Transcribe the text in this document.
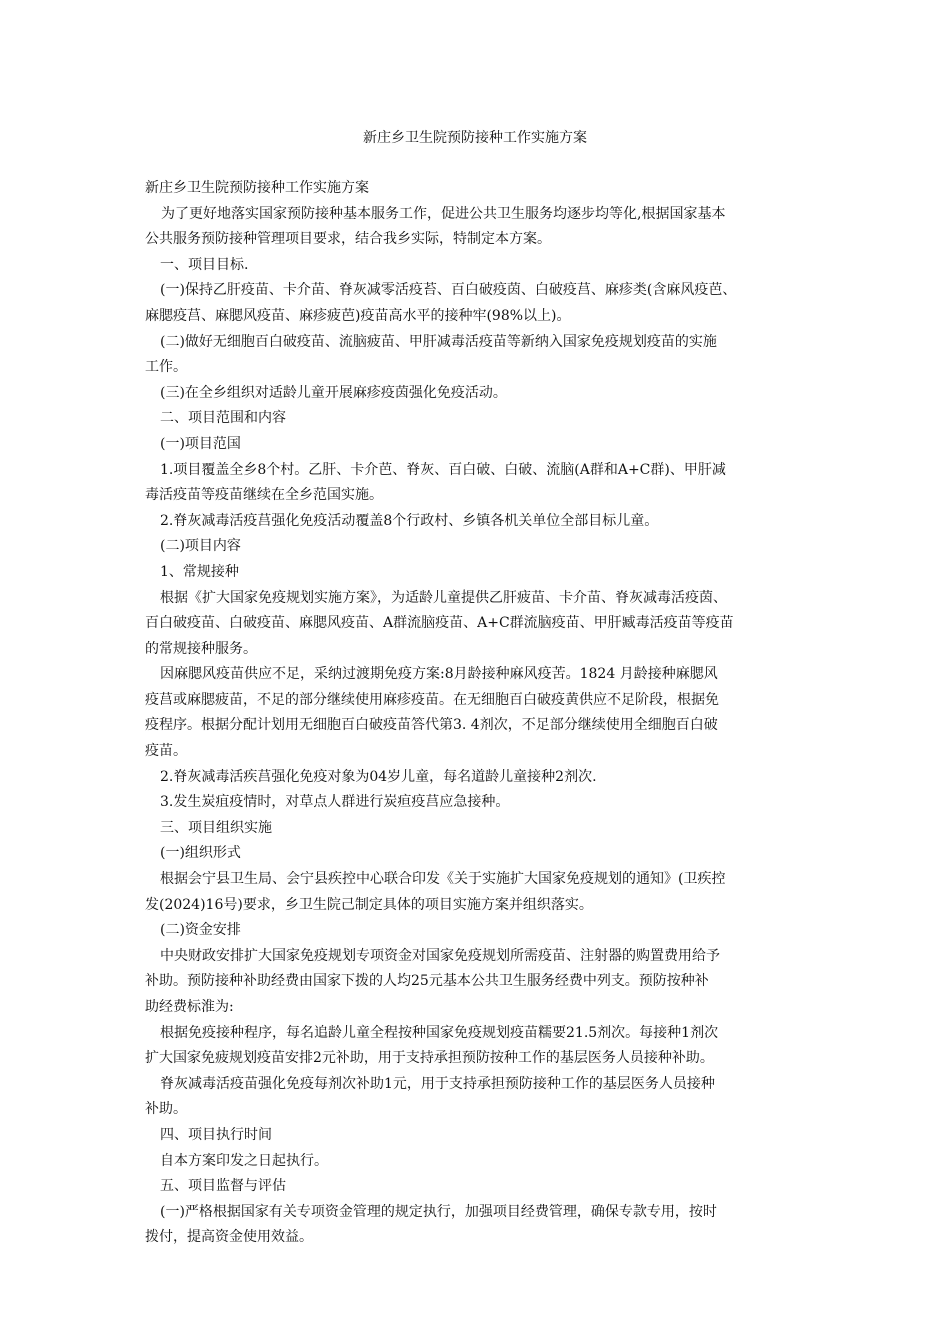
新庄乡卫生院预防接种工作实施方案
新庄乡卫生院预防接种工作实施方案
为了更好地落实国家预防接种基本服务工作，促进公共卫生服务均逐步均等化,根据国家基本
公共服务预防接种管理项目要求，结合我乡实际，特制定本方案。
一、项目目标.
(一)保持乙肝疫苗、卡介苗、脊灰减零活疫苔、百白破疫茵、白破疫莒、麻疹类(含麻风疫芭、
麻腮疫莒、麻腮风疫苗、麻疹疲芭)疫苗高水平的接种牢(98%以上)。
(二)做好无细胞百白破疫苗、流脑疲苗、甲肝减毒活疫苗等新纳入国家免疫规划疫苗的实施
工作。
(三)在全乡组织对适龄儿童开展麻疹疫茵强化免疫活动。
二、项目范围和内容
(一)项目范国
1.项目覆盖全乡8个村。乙肝、卡介芭、脊灰、百白破、白破、流脑(A群和A+C群)、甲肝减
毒活疫苗等疫苗继续在全乡范国实施。
2.脊灰减毒活疫莒强化免疫活动覆盖8个行政村、乡镇各机关单位全部目标儿童。
(二)项目内容
1、常规接种
根据《扩大国家免疫规划实施方案》，为适龄儿童提供乙肝疲苗、卡介苗、脊灰减毒活疫茵、
百白破疫苗、白破疫苗、麻腮风疫苗、A群流脑疫苗、A+C群流脑疫苗、甲肝臧毒活疫苗等疫苗
的常规接种服务。
因麻腮风疫苗供应不足，采纳过渡期免疫方案:8月龄接种麻风疫苦。1824 月龄接种麻腮风
疫莒或麻腮疲苗，不足的部分继续使用麻疹疫苗。在无细胞百白破疫黄供应不足阶段，根据免
疫程序。根据分配计划用无细胞百白破疫苗答代第3. 4剂次，不足部分继续使用全细胞百白破
疫苗。
2.脊灰减毒活疾莒强化免疫对象为04岁儿童，每名道龄儿童接种2剂次.
3.发生炭疽疫情时，对草点人群进行炭疸疫莒应急接种。
三、项目组织实施
(一)组织形式
根据会宁县卫生局、会宁县疾控中心联合印发《关于实施扩大国家免疫规划的通知》(卫疾控
发(2024)16号)要求，乡卫生院己制定具体的项目实施方案并组织落实。
(二)资金安排
中央财政安排扩大国家免疫规划专项资金对国家免疫规划所需疫苗、注射器的购置费用给予
补助。预防接种补助经费由国家下拨的人均25元基本公共卫生服务经费中列支。预防按种补
助经费标淮为:
根据免疫接种程序，每名追龄儿童全程按种国家免疫规划疫苗糯要21.5剂次。每接种1剂次
扩大国家免疲规划疫苗安排2元补助，用于支持承担预防按种工作的基层医务人员接种补助。
脊灰减毒活疫苗强化免疫每剂次补助1元，用于支持承担预防接种工作的基层医务人员接种
补助。
四、项目执行时间
自本方案印发之日起执行。
五、项目监督与评估
(一)严格根据国家有关专项资金管理的规定执行，加强项目经费管理，确保专款专用，按时
拨付，提高资金使用效益。
